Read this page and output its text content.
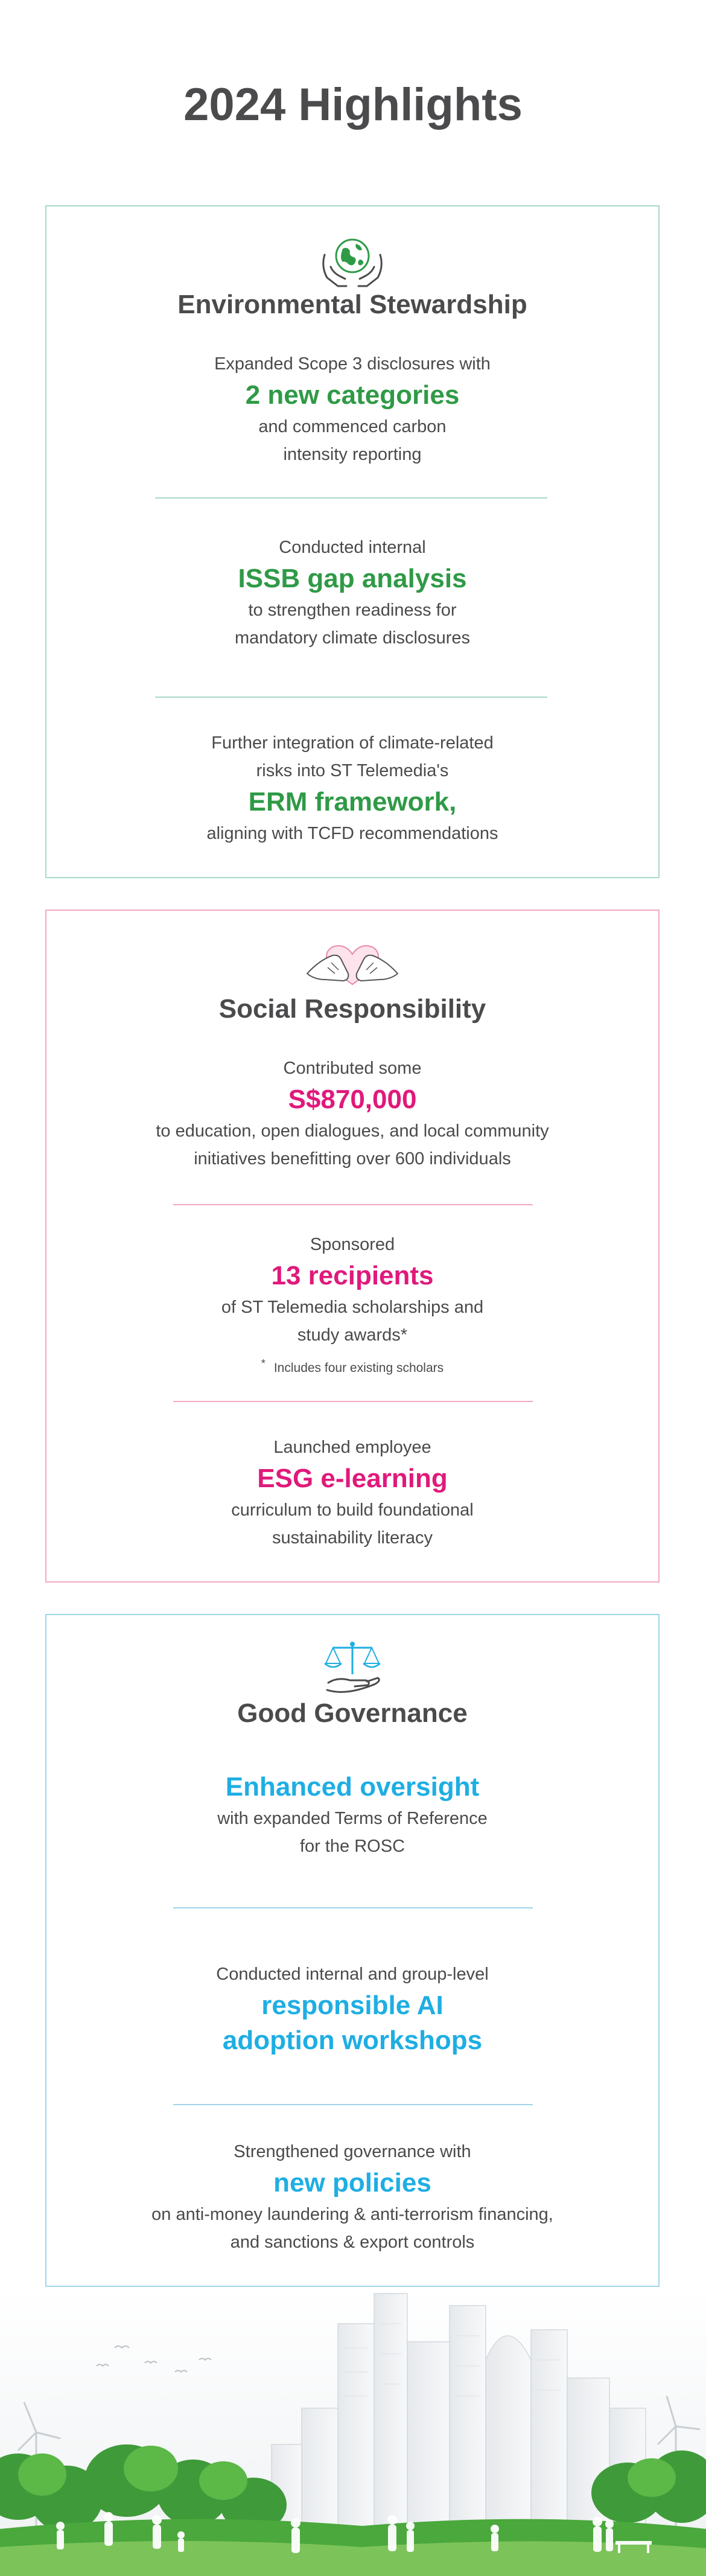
2024 Highlights
Environmental Stewardship
Expanded Scope 3 disclosures with
2 new categories
and commenced carbon
intensity reporting
Conducted internal
ISSB gap analysis
to strengthen readiness for
mandatory climate disclosures
Further integration of climate-related
risks into ST Telemedia's
ERM framework,
aligning with TCFD recommendations
Social Responsibility
Contributed some
S$870,000
to education, open dialogues, and local community
initiatives benefitting over 600 individuals
Sponsored
13 recipients
of ST Telemedia scholarships and
study awards*
* Includes four existing scholars
Launched employee
ESG e-learning
curriculum to build foundational
sustainability literacy
Good Governance
Enhanced oversight
with expanded Terms of Reference
for the ROSC
Conducted internal and group-level
responsible AI
adoption workshops
Strengthened governance with
new policies
on anti-money laundering & anti-terrorism financing,
and sanctions & export controls
